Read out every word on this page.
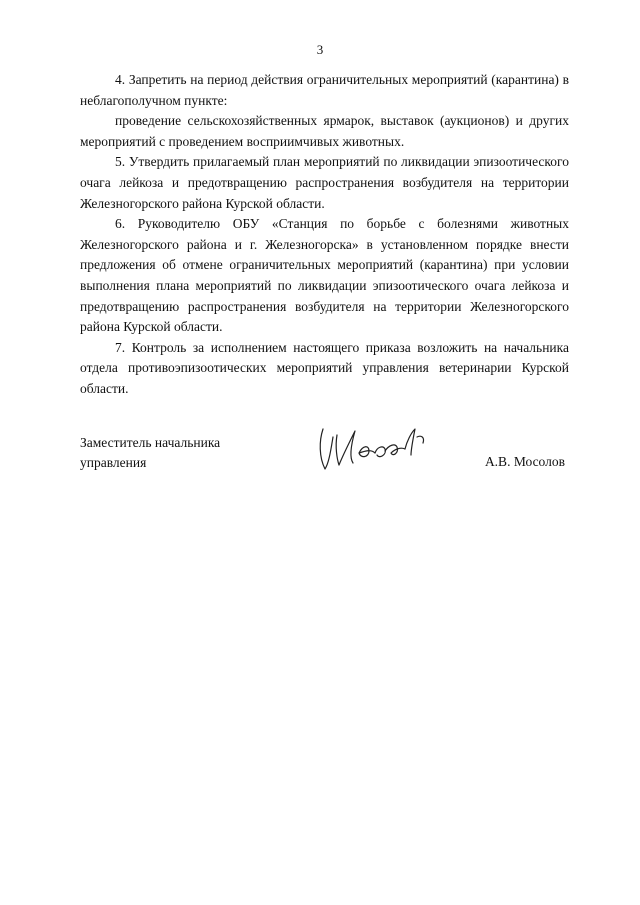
3

4. Запретить на период действия ограничительных мероприятий (карантина) в неблагополучном пункте:

проведение сельскохозяйственных ярмарок, выставок (аукционов) и других мероприятий с проведением восприимчивых животных.

5. Утвердить прилагаемый план мероприятий по ликвидации эпизоотического очага лейкоза и предотвращению распространения возбудителя на территории Железногорского района Курской области.

6. Руководителю ОБУ «Станция по борьбе с болезнями животных Железногорского района и г. Железногорска» в установленном порядке внести предложения об отмене ограничительных мероприятий (карантина) при условии выполнения плана мероприятий по ликвидации эпизоотического очага лейкоза и предотвращению распространения возбудителя на территории Железногорского района Курской области.

7. Контроль за исполнением настоящего приказа возложить на начальника отдела противоэпизоотических мероприятий управления ветеринарии Курской области.

Заместитель начальника
управления	А.В. Мосолов
